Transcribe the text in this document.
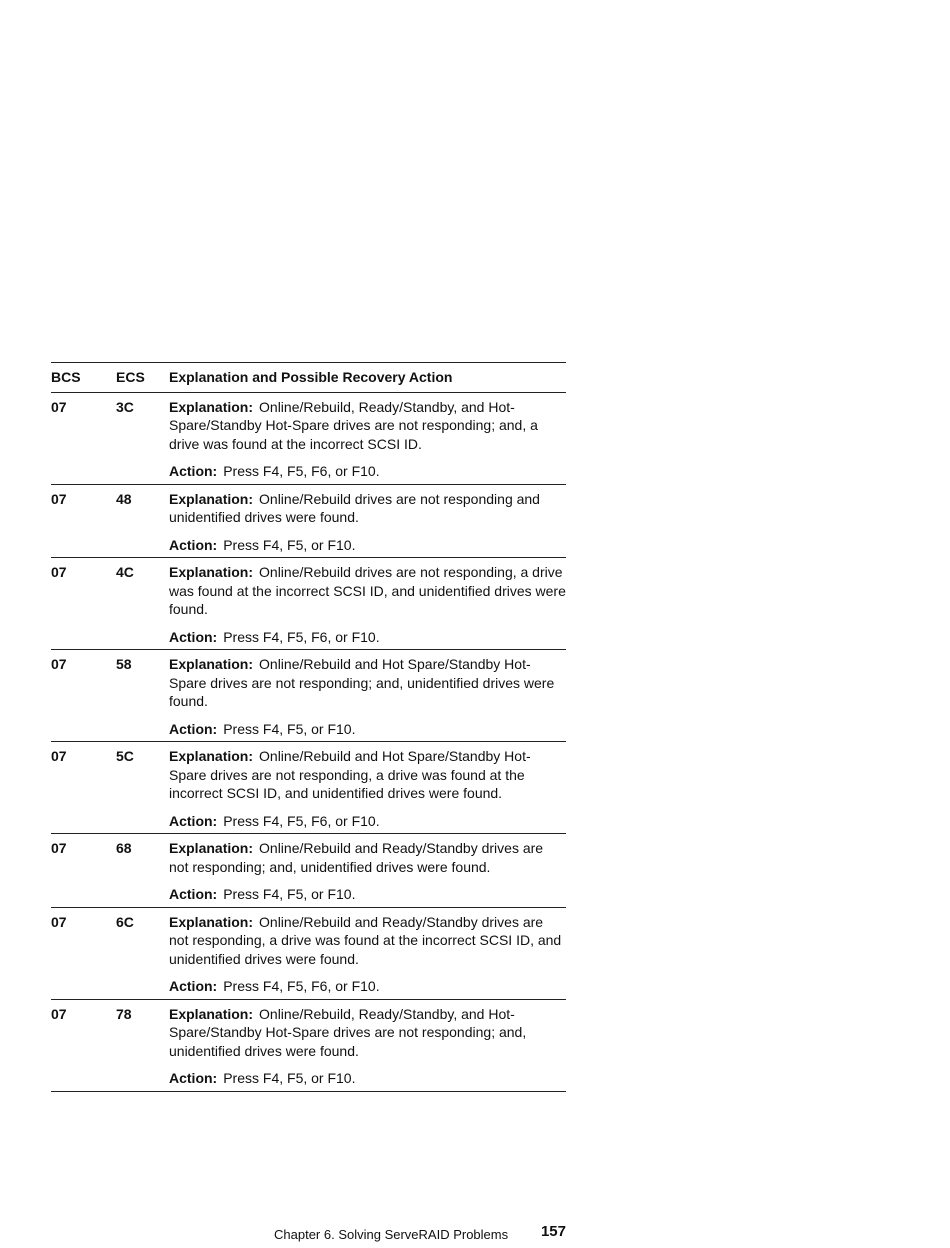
BCS	ECS	Explanation and Possible Recovery Action
07	3C	Explanation: Online/Rebuild, Ready/Standby, and Hot-Spare/Standby Hot-Spare drives are not responding; and, a drive was found at the incorrect SCSI ID.

Action: Press F4, F5, F6, or F10.

07	48	Explanation: Online/Rebuild drives are not responding and unidentified drives were found.

Action: Press F4, F5, or F10.

07	4C	Explanation: Online/Rebuild drives are not responding, a drive was found at the incorrect SCSI ID, and unidentified drives were found.

Action: Press F4, F5, F6, or F10.

07	58	Explanation: Online/Rebuild and Hot Spare/Standby Hot-Spare drives are not responding; and, unidentified drives were found.

Action: Press F4, F5, or F10.

07	5C	Explanation: Online/Rebuild and Hot Spare/Standby Hot-Spare drives are not responding, a drive was found at the incorrect SCSI ID, and unidentified drives were found.

Action: Press F4, F5, F6, or F10.

07	68	Explanation: Online/Rebuild and Ready/Standby drives are not responding; and, unidentified drives were found.

Action: Press F4, F5, or F10.

07	6C	Explanation: Online/Rebuild and Ready/Standby drives are not responding, a drive was found at the incorrect SCSI ID, and unidentified drives were found.

Action: Press F4, F5, F6, or F10.

07	78	Explanation: Online/Rebuild, Ready/Standby, and Hot-Spare/Standby Hot-Spare drives are not responding; and, unidentified drives were found.

Action: Press F4, F5, or F10.

Chapter 6. Solving ServeRAID Problems 157
